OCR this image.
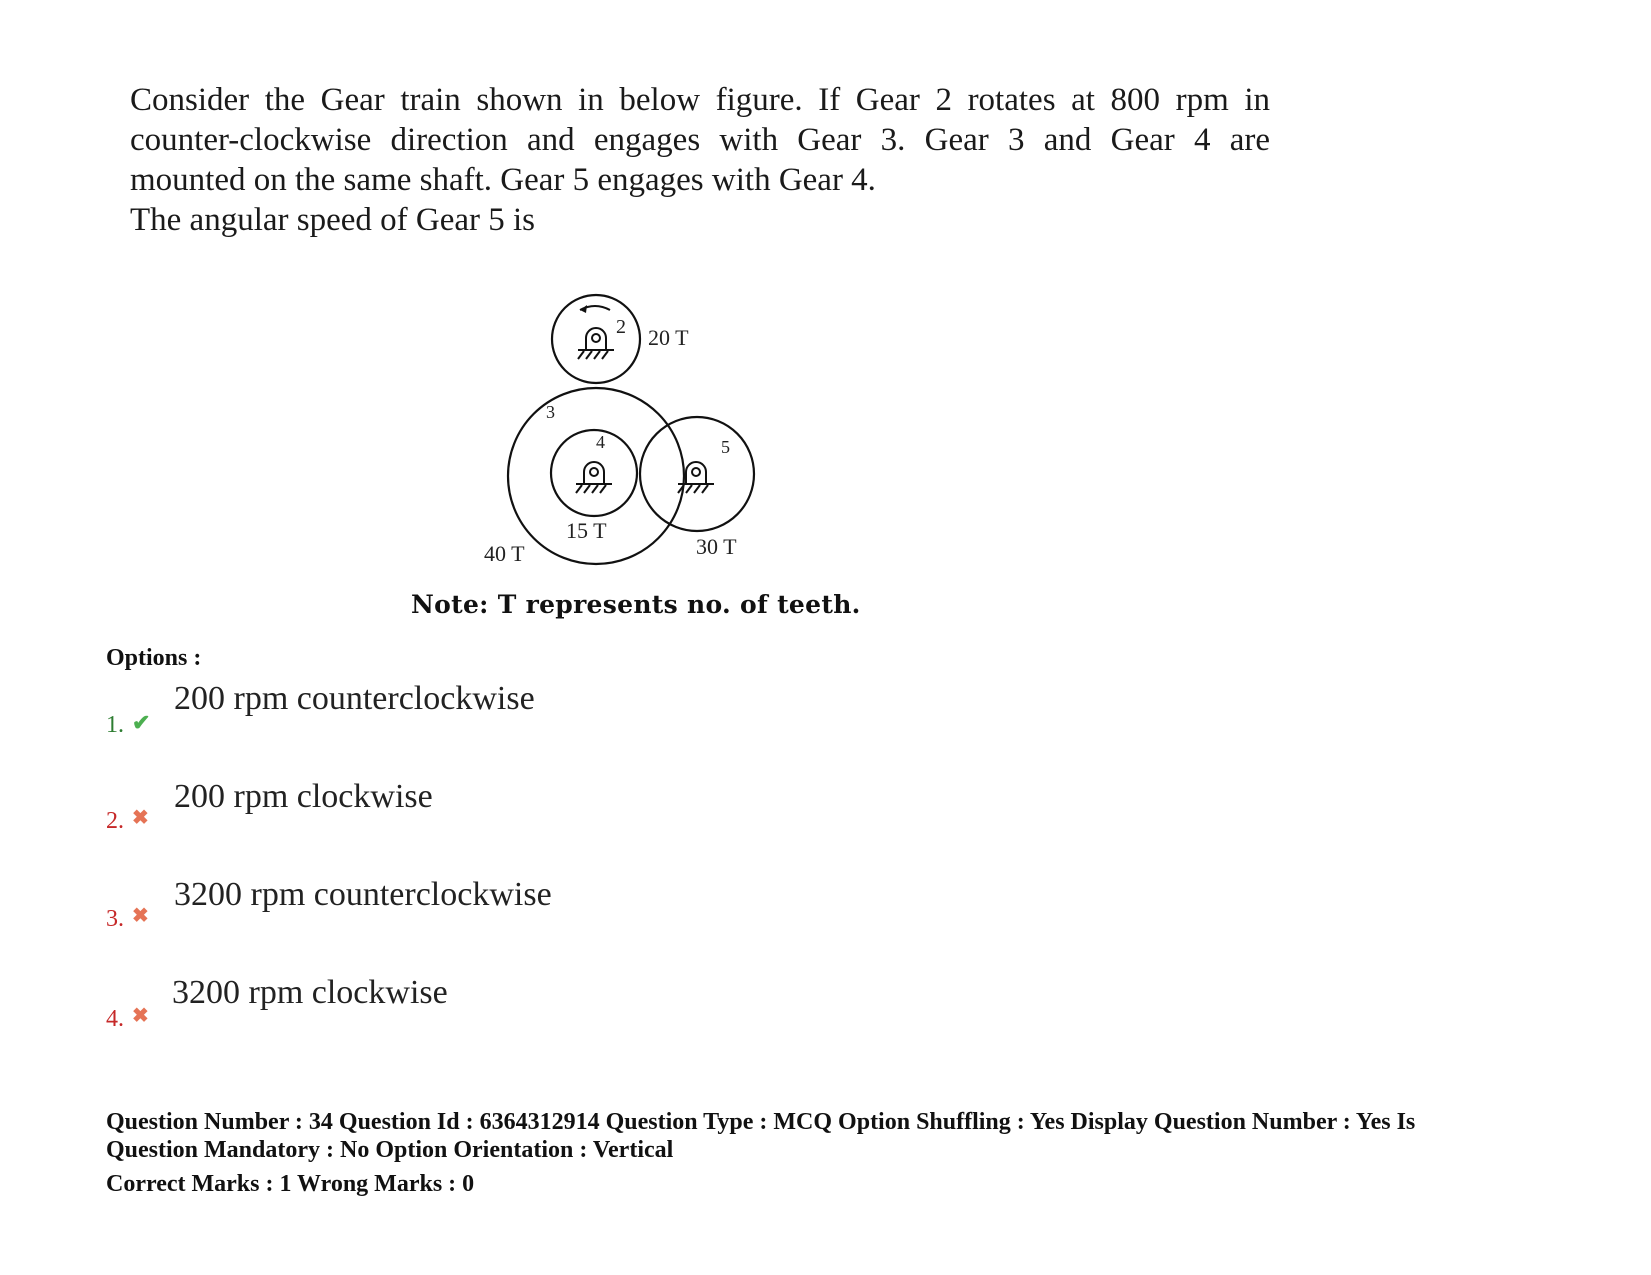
Consider the Gear train shown in below figure. If Gear 2 rotates at 800 rpm in

counter-clockwise direction and engages with Gear 3. Gear 3 and Gear 4 are

mounted on the same shaft. Gear 5 engages with Gear 4.

The angular speed of Gear 5 is

2 20 T
3
4	5
15 T
40 T	30 T
Note: T represents no. of teeth.
Options :
1. ✔
200 rpm counterclockwise
2. ✖
200 rpm clockwise
3. ✖
3200 rpm counterclockwise
4. ✖
3200 rpm clockwise

Question Number : 34 Question Id : 6364312914 Question Type : MCQ Option Shuffling : Yes Display Question Number : Yes Is

Question Mandatory : No Option Orientation : Vertical

Correct Marks : 1 Wrong Marks : 0
